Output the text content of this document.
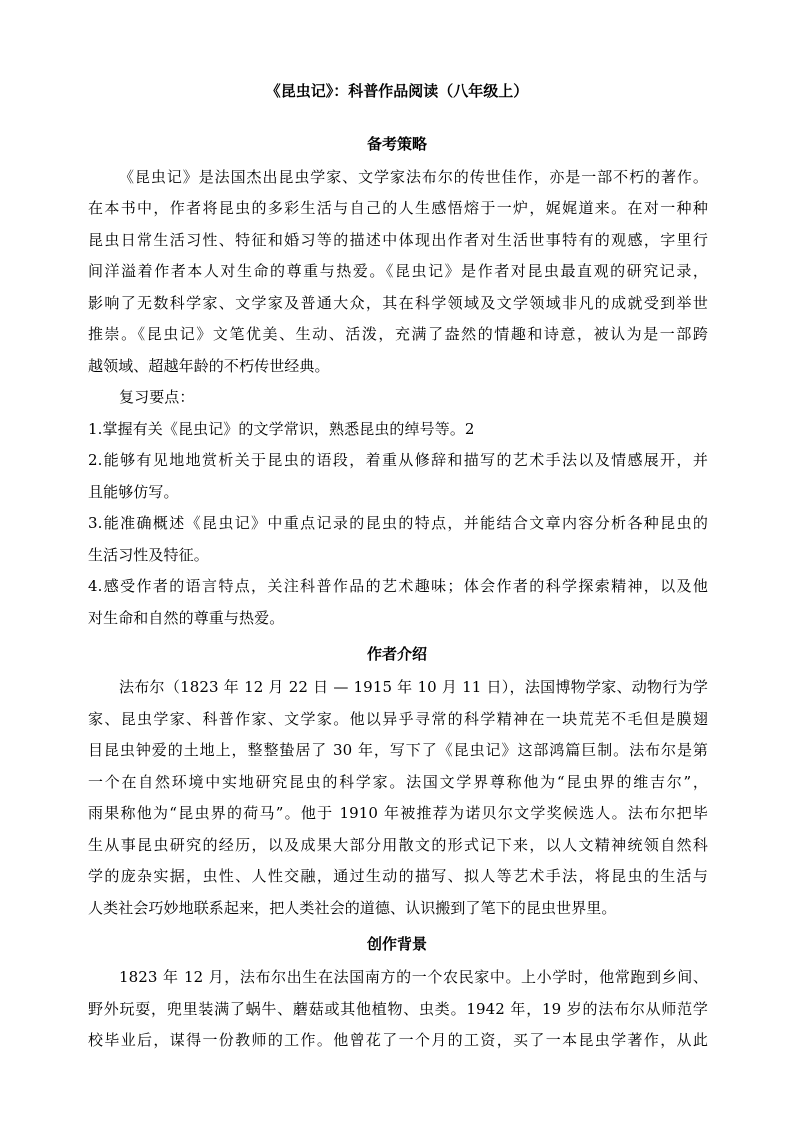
《昆虫记》：科普作品阅读（八年级上）
备考策略
《昆虫记》是法国杰出昆虫学家、文学家法布尔的传世佳作，亦是一部不朽的著作。
在本书中，作者将昆虫的多彩生活与自己的人生感悟熔于一炉，娓娓道来。在对一种种
昆虫日常生活习性、特征和婚习等的描述中体现出作者对生活世事特有的观感，字里行
间洋溢着作者本人对生命的尊重与热爱。《昆虫记》是作者对昆虫最直观的研究记录，
影响了无数科学家、文学家及普通大众，其在科学领域及文学领域非凡的成就受到举世
推崇。《昆虫记》文笔优美、生动、活泼，充满了盎然的情趣和诗意，被认为是一部跨
越领域、超越年龄的不朽传世经典。
复习要点：
1.掌握有关《昆虫记》的文学常识，熟悉昆虫的绰号等。2
2.能够有见地地赏析关于昆虫的语段，着重从修辞和描写的艺术手法以及情感展开，并
且能够仿写。
3.能准确概述《昆虫记》中重点记录的昆虫的特点，并能结合文章内容分析各种昆虫的
生活习性及特征。
4.感受作者的语言特点，关注科普作品的艺术趣味；体会作者的科学探索精神，以及他
对生命和自然的尊重与热爱。
作者介绍
法布尔（1823 年 12 月 22 日 — 1915 年 10 月 11 日），法国博物学家、动物行为学
家、昆虫学家、科普作家、文学家。他以异乎寻常的科学精神在一块荒芜不毛但是膜翅
目昆虫钟爱的土地上，整整蛰居了 30 年，写下了《昆虫记》这部鸿篇巨制。法布尔是第
一个在自然环境中实地研究昆虫的科学家。法国文学界尊称他为“昆虫界的维吉尔”，
雨果称他为“昆虫界的荷马”。他于 1910 年被推荐为诺贝尔文学奖候选人。法布尔把毕
生从事昆虫研究的经历，以及成果大部分用散文的形式记下来，以人文精神统领自然科
学的庞杂实据，虫性、人性交融，通过生动的描写、拟人等艺术手法，将昆虫的生活与
人类社会巧妙地联系起来，把人类社会的道德、认识搬到了笔下的昆虫世界里。
创作背景
1823 年 12 月，法布尔出生在法国南方的一个农民家中。上小学时，他常跑到乡间、
野外玩耍，兜里装满了蜗牛、蘑菇或其他植物、虫类。1942 年，19 岁的法布尔从师范学
校毕业后，谋得一份教师的工作。他曾花了一个月的工资，买了一本昆虫学著作，从此
